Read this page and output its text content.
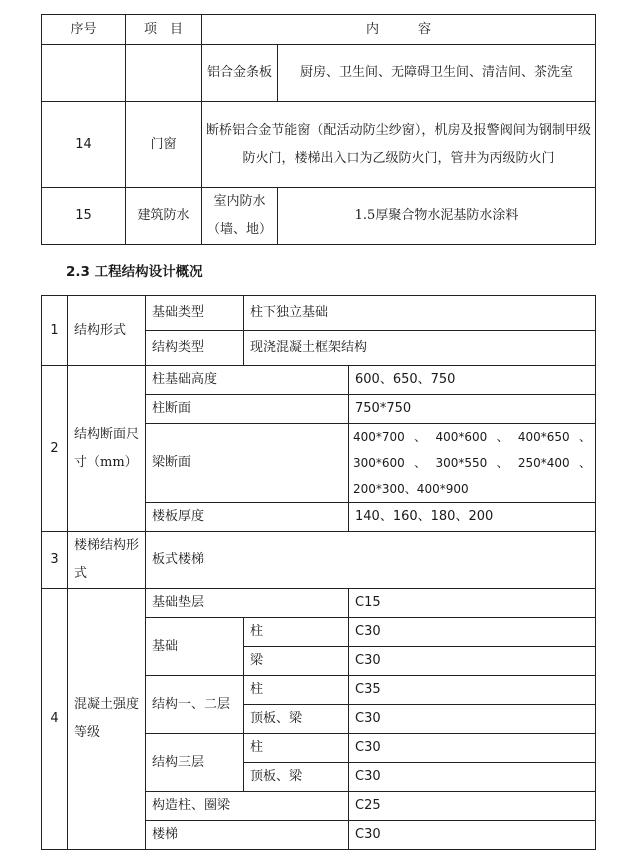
序号	项　目	内　　　容	
		铝合金条板	厨房、卫生间、无障碍卫生间、清洁间、茶洗室
14	门窗	断桥铝合金节能窗（配活动防尘纱窗），机房及报警阀间为钢制甲级防火门，楼梯出入口为乙级防火门，管井为丙级防火门	
15	建筑防水	室内防水（墙、地）	1.5厚聚合物水泥基防水涂料
2.3 工程结构设计概况
1	结构形式	基础类型	柱下独立基础	
		结构类型	现浇混凝土框架结构	
2	结构断面尺寸（mm）	柱基础高度		600、650、750
		柱断面		750*750
		梁断面		400*700、400*600、400*650、300*600、300*550、250*400、200*300、400*900
		楼板厚度		140、160、180、200
3	楼梯结构形式	板式楼梯		
4	混凝土强度等级	基础垫层		C15
		基础	柱	C30
			梁	C30
		结构一、二层	柱	C35
			顶板、梁	C30
		结构三层	柱	C30
			顶板、梁	C30
		构造柱、圈梁		C25
		楼梯		C30
